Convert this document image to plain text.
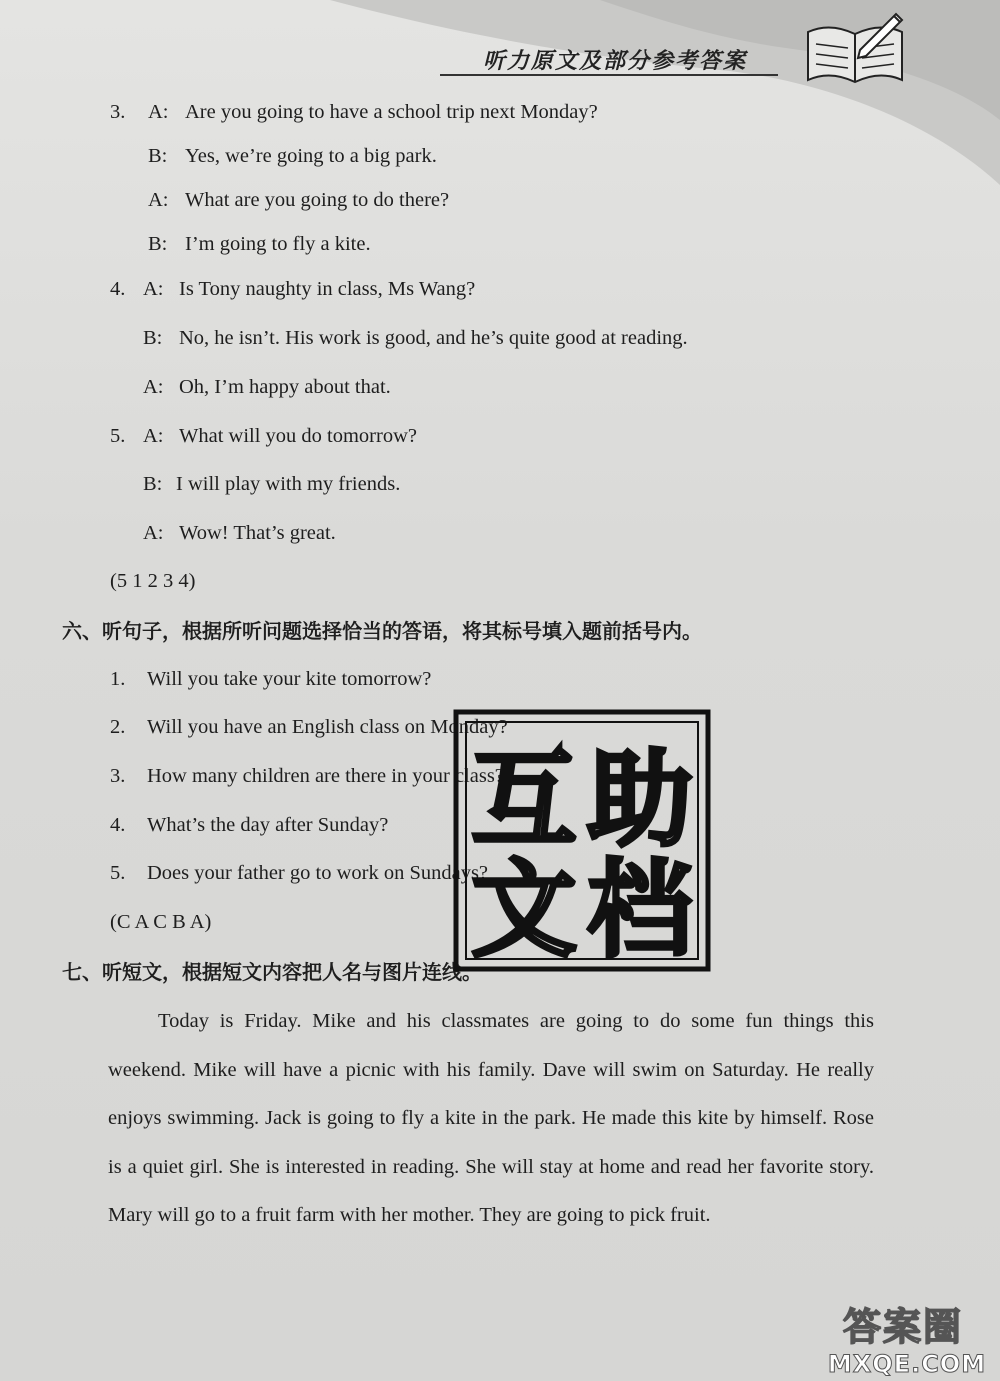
听力原文及部分参考答案
3. A: Are you going to have a school trip next Monday?
B: Yes, we’re going to a big park.
A: What are you going to do there?
B: I’m going to fly a kite.
4. A: Is Tony naughty in class, Ms Wang?
B: No, he isn’t. His work is good, and he’s quite good at reading.
A: Oh, I’m happy about that.
5. A: What will you do tomorrow?
B: I will play with my friends.
A: Wow! That’s great.
(5 1 2 3 4)
六、听句子，根据所听问题选择恰当的答语，将其标号填入题前括号内。
1. Will you take your kite tomorrow?
2. Will you have an English class on Monday?
3. How many children are there in your class?
4. What’s the day after Sunday?
5. Does your father go to work on Sundays?
(C A C B A)
七、听短文，根据短文内容把人名与图片连线。
Today is Friday. Mike and his classmates are going to do some fun things this weekend. Mike will have a picnic with his family. Dave will swim on Saturday. He really enjoys swimming. Jack is going to fly a kite in the park. He made this kite by himself. Rose is a quiet girl. She is interested in reading. She will stay at home and read her favorite story. Mary will go to a fruit farm with her mother. They are going to pick fruit.
互 助
文 档
答案圈
MXQE.COM
